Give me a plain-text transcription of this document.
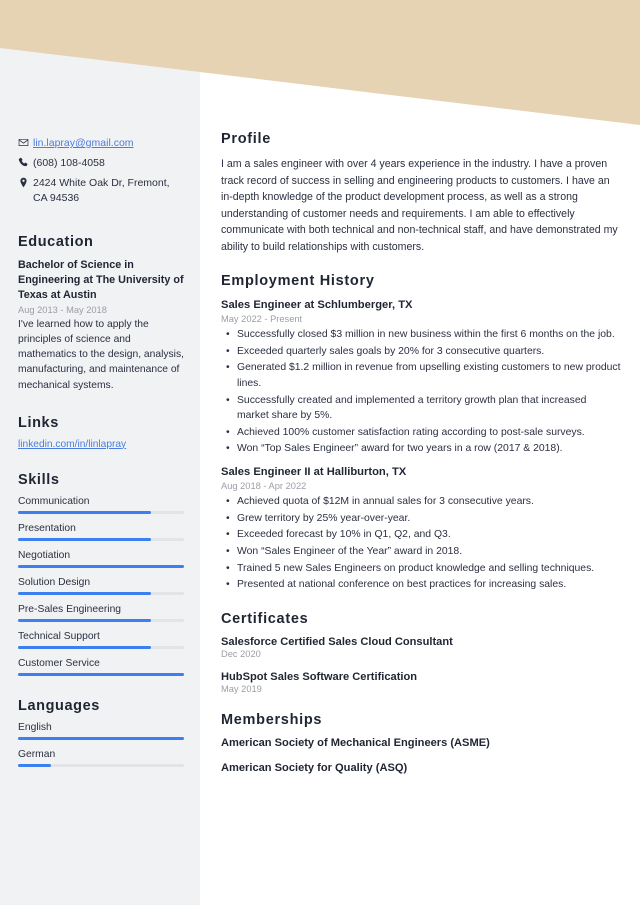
lin.lapray@gmail.com
(608) 108-4058
2424 White Oak Dr, Fremont, CA 94536
Education
Bachelor of Science in Engineering at The University of Texas at Austin
Aug 2013 - May 2018
I've learned how to apply the principles of science and mathematics to the design, analysis, manufacturing, and maintenance of mechanical systems.
Links
linkedin.com/in/linlapray
Skills
Communication
Presentation
Negotiation
Solution Design
Pre-Sales Engineering
Technical Support
Customer Service
Languages
English
German
Profile
I am a sales engineer with over 4 years experience in the industry. I have a proven track record of success in selling and engineering products to customers. I have an in-depth knowledge of the product development process, as well as a strong understanding of customer needs and requirements. I am able to effectively communicate with both technical and non-technical staff, and have demonstrated my ability to build relationships with customers.
Employment History
Sales Engineer at Schlumberger, TX
May 2022 - Present
• Successfully closed $3 million in new business within the first 6 months on the job.
• Exceeded quarterly sales goals by 20% for 3 consecutive quarters.
• Generated $1.2 million in revenue from upselling existing customers to new product lines.
• Successfully created and implemented a territory growth plan that increased market share by 5%.
• Achieved 100% customer satisfaction rating according to post-sale surveys.
• Won “Top Sales Engineer” award for two years in a row (2017 & 2018).
Sales Engineer II at Halliburton, TX
Aug 2018 - Apr 2022
• Achieved quota of $12M in annual sales for 3 consecutive years.
• Grew territory by 25% year-over-year.
• Exceeded forecast by 10% in Q1, Q2, and Q3.
• Won “Sales Engineer of the Year” award in 2018.
• Trained 5 new Sales Engineers on product knowledge and selling techniques.
• Presented at national conference on best practices for increasing sales.
Certificates
Salesforce Certified Sales Cloud Consultant
Dec 2020
HubSpot Sales Software Certification
May 2019
Memberships
American Society of Mechanical Engineers (ASME)
American Society for Quality (ASQ)
